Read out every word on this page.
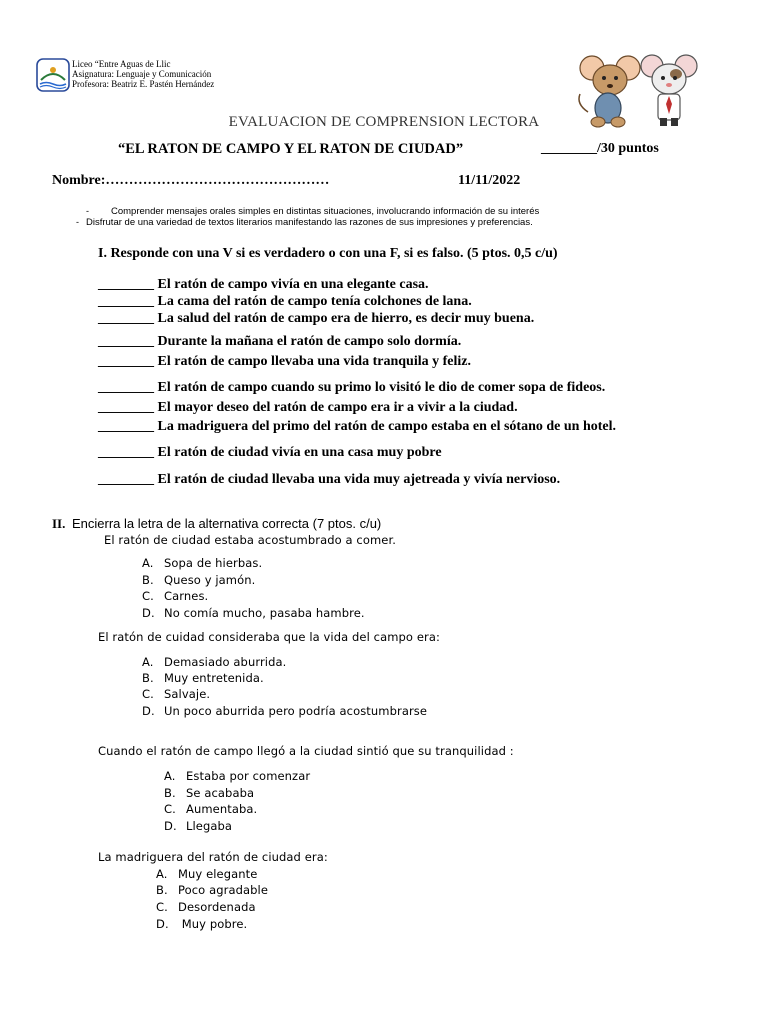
Liceo “Entre Aguas de Llic
Asignatura: Lenguaje y Comunicación
Profesora: Beatriz E. Pastén Hernández
EVALUACION DE COMPRENSION LECTORA
“EL RATON DE CAMPO Y EL RATON DE CIUDAD”	________/30 puntos
Nombre:…………………………………………	11/11/2022
- Comprender mensajes orales simples en distintas situaciones, involucrando información de su interés
- Disfrutar de una variedad de textos literarios manifestando las razones de sus impresiones y preferencias.
I. Responde con una V si es verdadero o con una F, si es falso. (5 ptos. 0,5 c/u)
________ El ratón de campo vivía en una elegante casa.
________ La cama del ratón de campo tenía colchones de lana.
________ La salud del ratón de campo era de hierro, es decir muy buena.
________ Durante la mañana el ratón de campo solo dormía.
________ El ratón de campo llevaba una vida tranquila y feliz.
________ El ratón de campo cuando su primo lo visitó le dio de comer sopa de fideos.
________ El mayor deseo del ratón de campo era ir a vivir a la ciudad.
________ La madriguera del primo del ratón de campo estaba en el sótano de un hotel.
________ El ratón de ciudad vivía en una casa muy pobre
________ El ratón de ciudad llevaba una vida muy ajetreada y vivía nervioso.
II. Encierra la letra de la alternativa correcta (7 ptos. c/u)
El ratón de ciudad estaba acostumbrado a comer.
A. Sopa de hierbas.
B. Queso y jamón.
C. Carnes.
D. No comía mucho, pasaba hambre.
El ratón de cuidad consideraba que la vida del campo era:
A. Demasiado aburrida.
B. Muy entretenida.
C. Salvaje.
D. Un poco aburrida pero podría acostumbrarse
Cuando el ratón de campo llegó a la ciudad sintió que su tranquilidad :
A. Estaba por comenzar
B. Se acababa
C. Aumentaba.
D. Llegaba
La madriguera del ratón de ciudad era:
A. Muy elegante
B. Poco agradable
C. Desordenada
D. Muy pobre.
